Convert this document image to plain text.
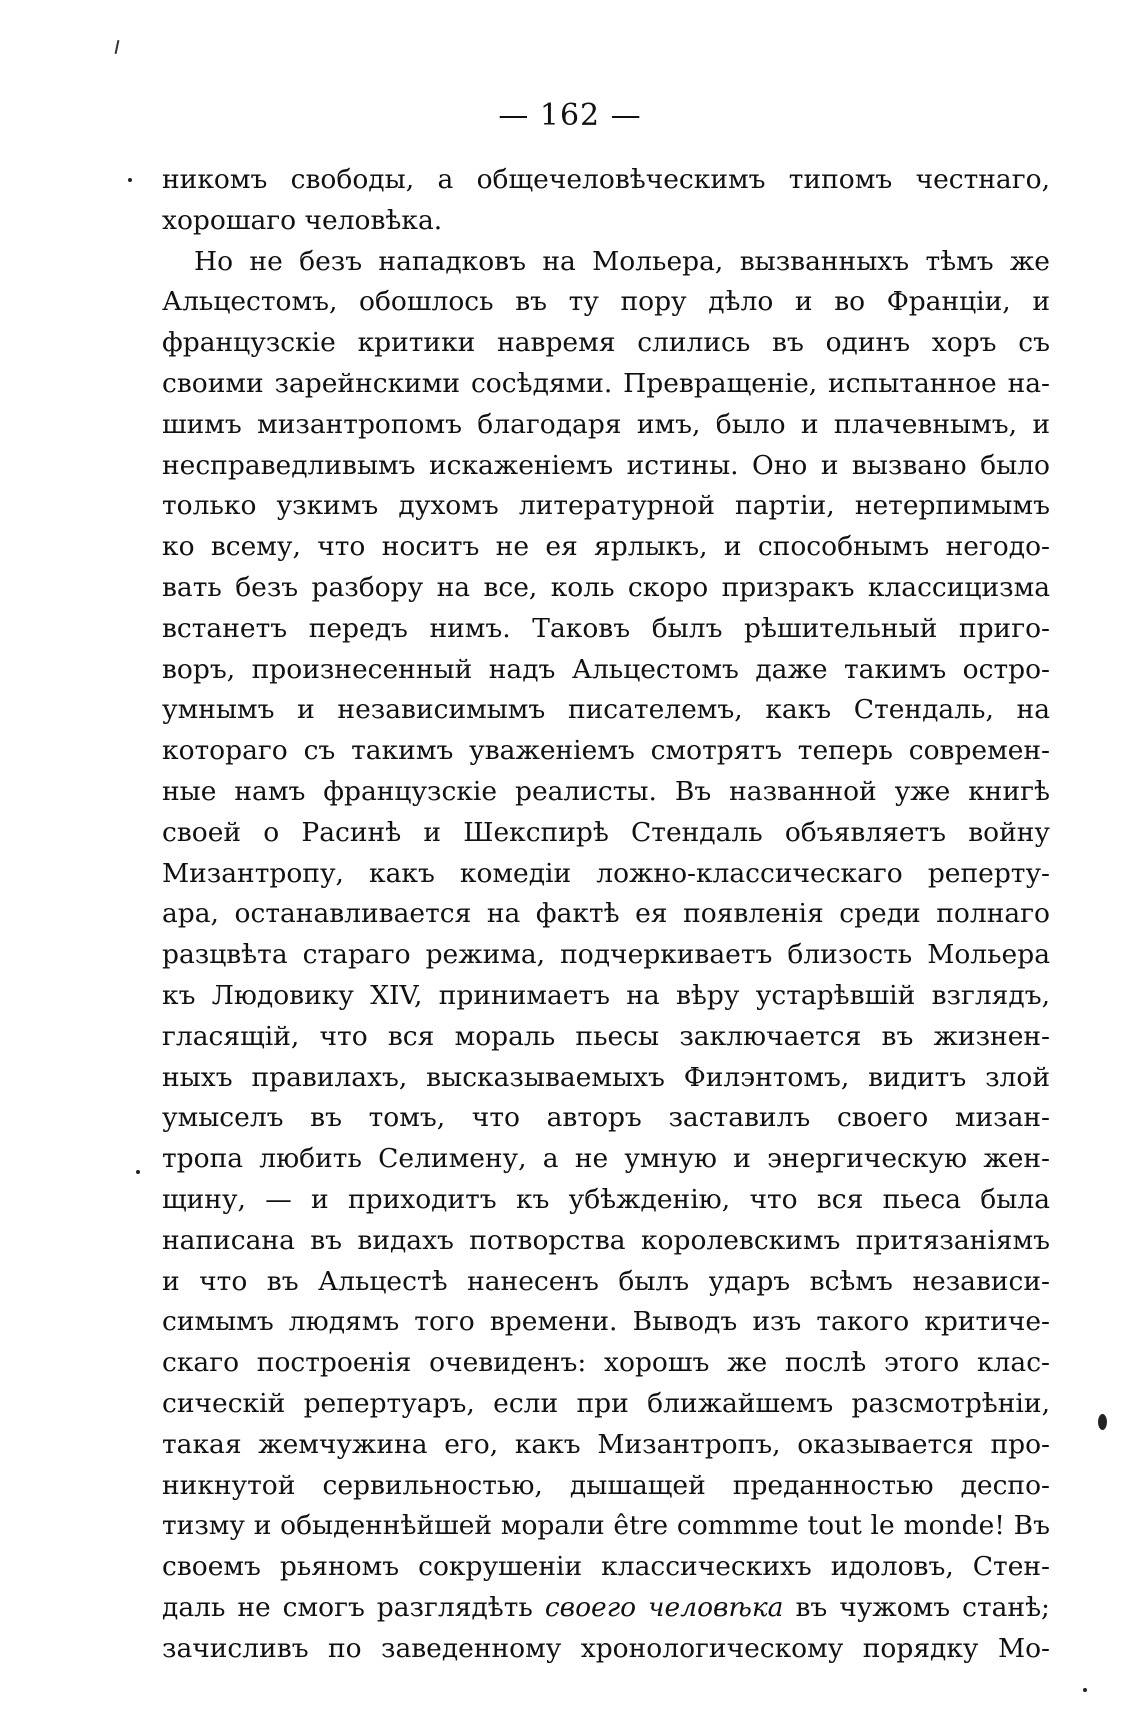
— 162 —
никомъ свободы, а общечеловѣческимъ типомъ честнаго,
хорошаго человѣка.
Но не безъ нападковъ на Мольера, вызванныхъ тѣмъ же
Альцестомъ, обошлось въ ту пору дѣло и во Франціи, и
французскіе критики навремя слились въ одинъ хоръ съ
своими зарейнскими сосѣдями. Превращеніе, испытанное на-
шимъ мизантропомъ благодаря имъ, было и плачевнымъ, и
несправедливымъ искаженіемъ истины. Оно и вызвано было
только узкимъ духомъ литературной партіи, нетерпимымъ
ко всему, что носитъ не ея ярлыкъ, и способнымъ негодо-
вать безъ разбору на все, коль скоро призракъ классицизма
встанетъ передъ нимъ. Таковъ былъ рѣшительный приго-
воръ, произнесенный надъ Альцестомъ даже такимъ остро-
умнымъ и независимымъ писателемъ, какъ Стендаль, на
котораго съ такимъ уваженіемъ смотрятъ теперь современ-
ные намъ французскіе реалисты. Въ названной уже книгѣ
своей о Расинѣ и Шекспирѣ Стендаль объявляетъ войну
Мизантропу, какъ комедіи ложно-классическаго реперту-
ара, останавливается на фактѣ ея появленія среди полнаго
разцвѣта стараго режима, подчеркиваетъ близость Мольера
къ Людовику XIV, принимаетъ на вѣру устарѣвшій взглядъ,
гласящій, что вся мораль пьесы заключается въ жизнен-
ныхъ правилахъ, высказываемыхъ Филэнтомъ, видитъ злой
умыселъ въ томъ, что авторъ заставилъ своего мизан-
тропа любить Селимену, а не умную и энергическую жен-
щину, — и приходитъ къ убѣжденію, что вся пьеса была
написана въ видахъ потворства королевскимъ притязаніямъ
и что въ Альцестѣ нанесенъ былъ ударъ всѣмъ независи-
симымъ людямъ того времени. Выводъ изъ такого критиче-
скаго построенія очевиденъ: хорошъ же послѣ этого клас-
сическій репертуаръ, если при ближайшемъ разсмотрѣніи,
такая жемчужина его, какъ Мизантропъ, оказывается про-
никнутой сервильностью, дышащей преданностью деспо-
тизму и обыденнѣйшей морали être commme tout le monde! Въ
своемъ рьяномъ сокрушеніи классическихъ идоловъ, Стен-
даль не смогъ разглядѣть своего человѣка въ чужомъ станѣ;
зачисливъ по заведенному хронологическому порядку Мо-
